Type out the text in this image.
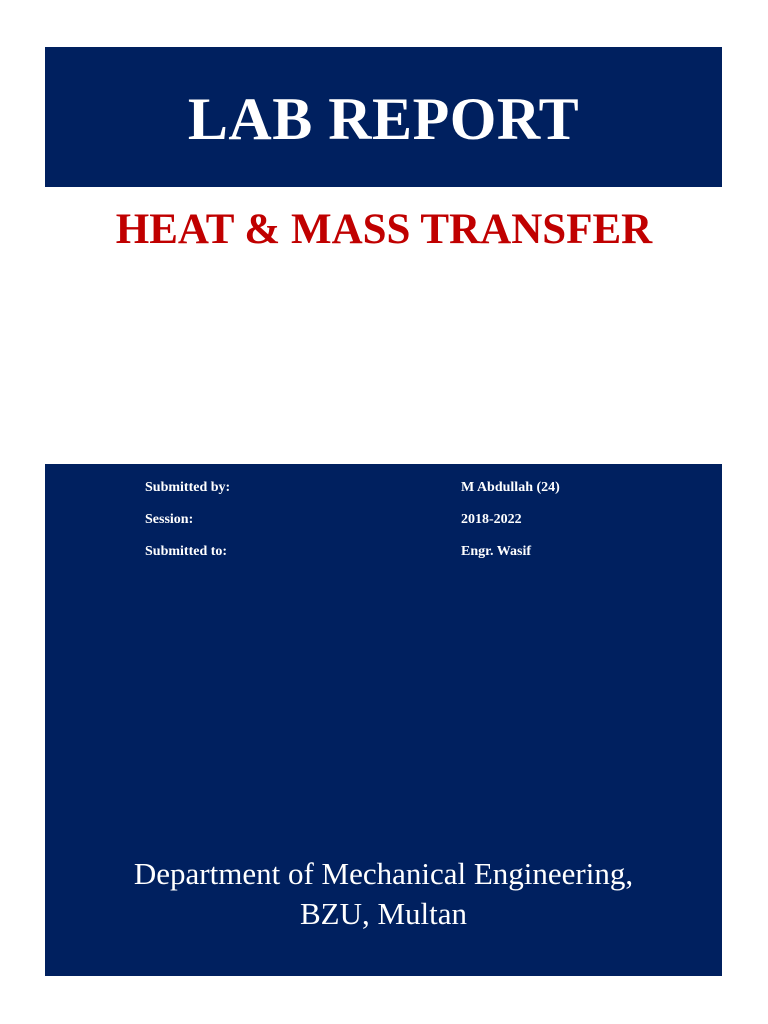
LAB REPORT
HEAT & MASS TRANSFER
Submitted by:	M Abdullah (24)
Session:	2018-2022
Submitted to:	Engr. Wasif
Department of Mechanical Engineering,
BZU, Multan
